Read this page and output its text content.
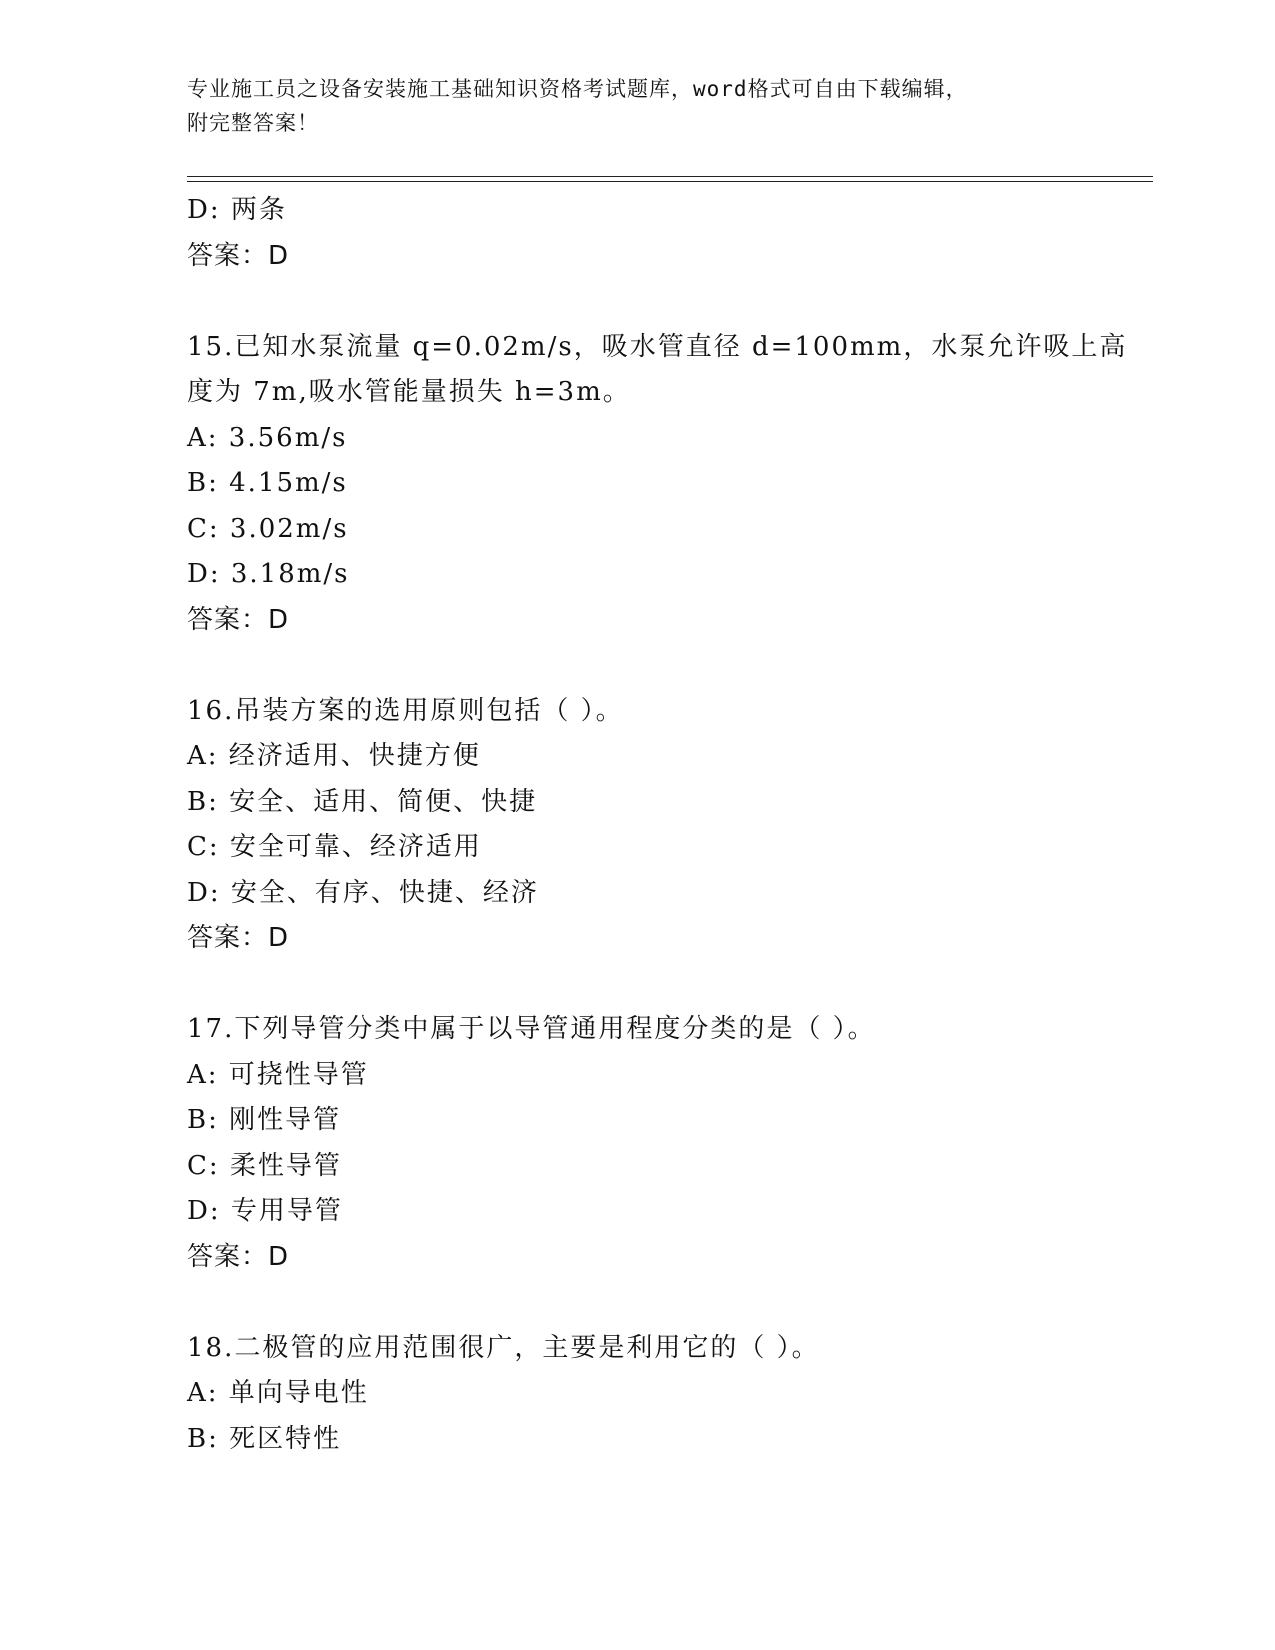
专业施工员之设备安装施工基础知识资格考试题库，word格式可自由下载编辑，
附完整答案！
D: 两条
答案：D
15.已知水泵流量 q=0.02m/s，吸水管直径 d=100mm，水泵允许吸上高
度为 7m,吸水管能量损失 h=3m。
A: 3.56m/s
B: 4.15m/s
C: 3.02m/s
D: 3.18m/s
答案：D
16.吊装方案的选用原则包括（ ）。
A: 经济适用、快捷方便
B: 安全、适用、简便、快捷
C: 安全可靠、经济适用
D: 安全、有序、快捷、经济
答案：D
17.下列导管分类中属于以导管通用程度分类的是（ ）。
A: 可挠性导管
B: 刚性导管
C: 柔性导管
D: 专用导管
答案：D
18.二极管的应用范围很广，主要是利用它的（ ）。
A: 单向导电性
B: 死区特性
